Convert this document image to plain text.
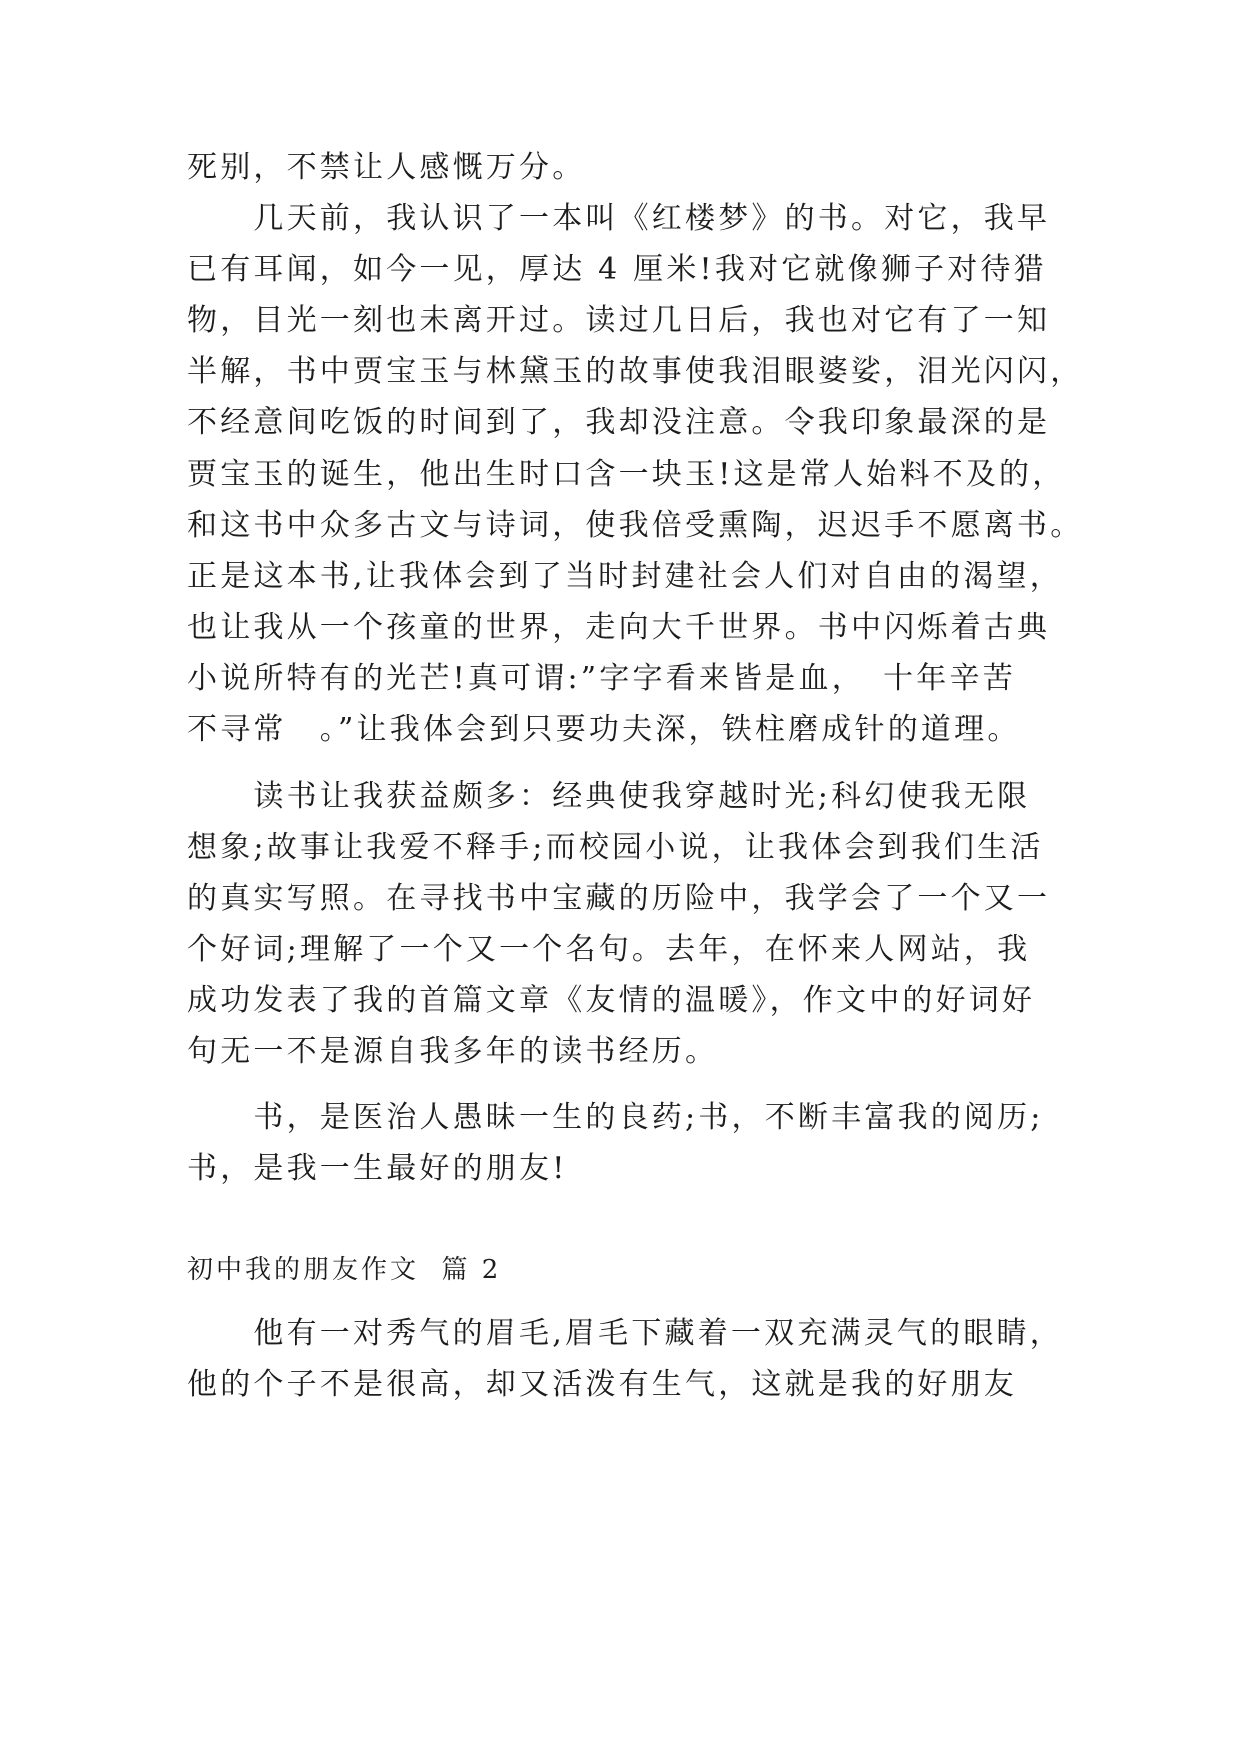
死别，不禁让人感慨万分。
　　几天前，我认识了一本叫《红楼梦》的书。对它，我早
已有耳闻，如今一见，厚达 4 厘米!我对它就像狮子对待猎
物，目光一刻也未离开过。读过几日后，我也对它有了一知
半解，书中贾宝玉与林黛玉的故事使我泪眼婆娑，泪光闪闪，
不经意间吃饭的时间到了，我却没注意。令我印象最深的是
贾宝玉的诞生，他出生时口含一块玉!这是常人始料不及的，
和这书中众多古文与诗词，使我倍受熏陶，迟迟手不愿离书。
正是这本书,让我体会到了当时封建社会人们对自由的渴望，
也让我从一个孩童的世界，走向大千世界。书中闪烁着古典
小说所特有的光芒!真可谓:”字字看来皆是血，　十年辛苦
不寻常　。”让我体会到只要功夫深，铁柱磨成针的道理。
　　读书让我获益颇多：经典使我穿越时光;科幻使我无限
想象;故事让我爱不释手;而校园小说，让我体会到我们生活
的真实写照。在寻找书中宝藏的历险中，我学会了一个又一
个好词;理解了一个又一个名句。去年，在怀来人网站，我
成功发表了我的首篇文章《友情的温暖》，作文中的好词好
句无一不是源自我多年的读书经历。
　　书，是医治人愚昧一生的良药;书，不断丰富我的阅历;
书，是我一生最好的朋友!
初中我的朋友作文  篇 2
　　他有一对秀气的眉毛,眉毛下藏着一双充满灵气的眼睛，
他的个子不是很高，却又活泼有生气，这就是我的好朋友
